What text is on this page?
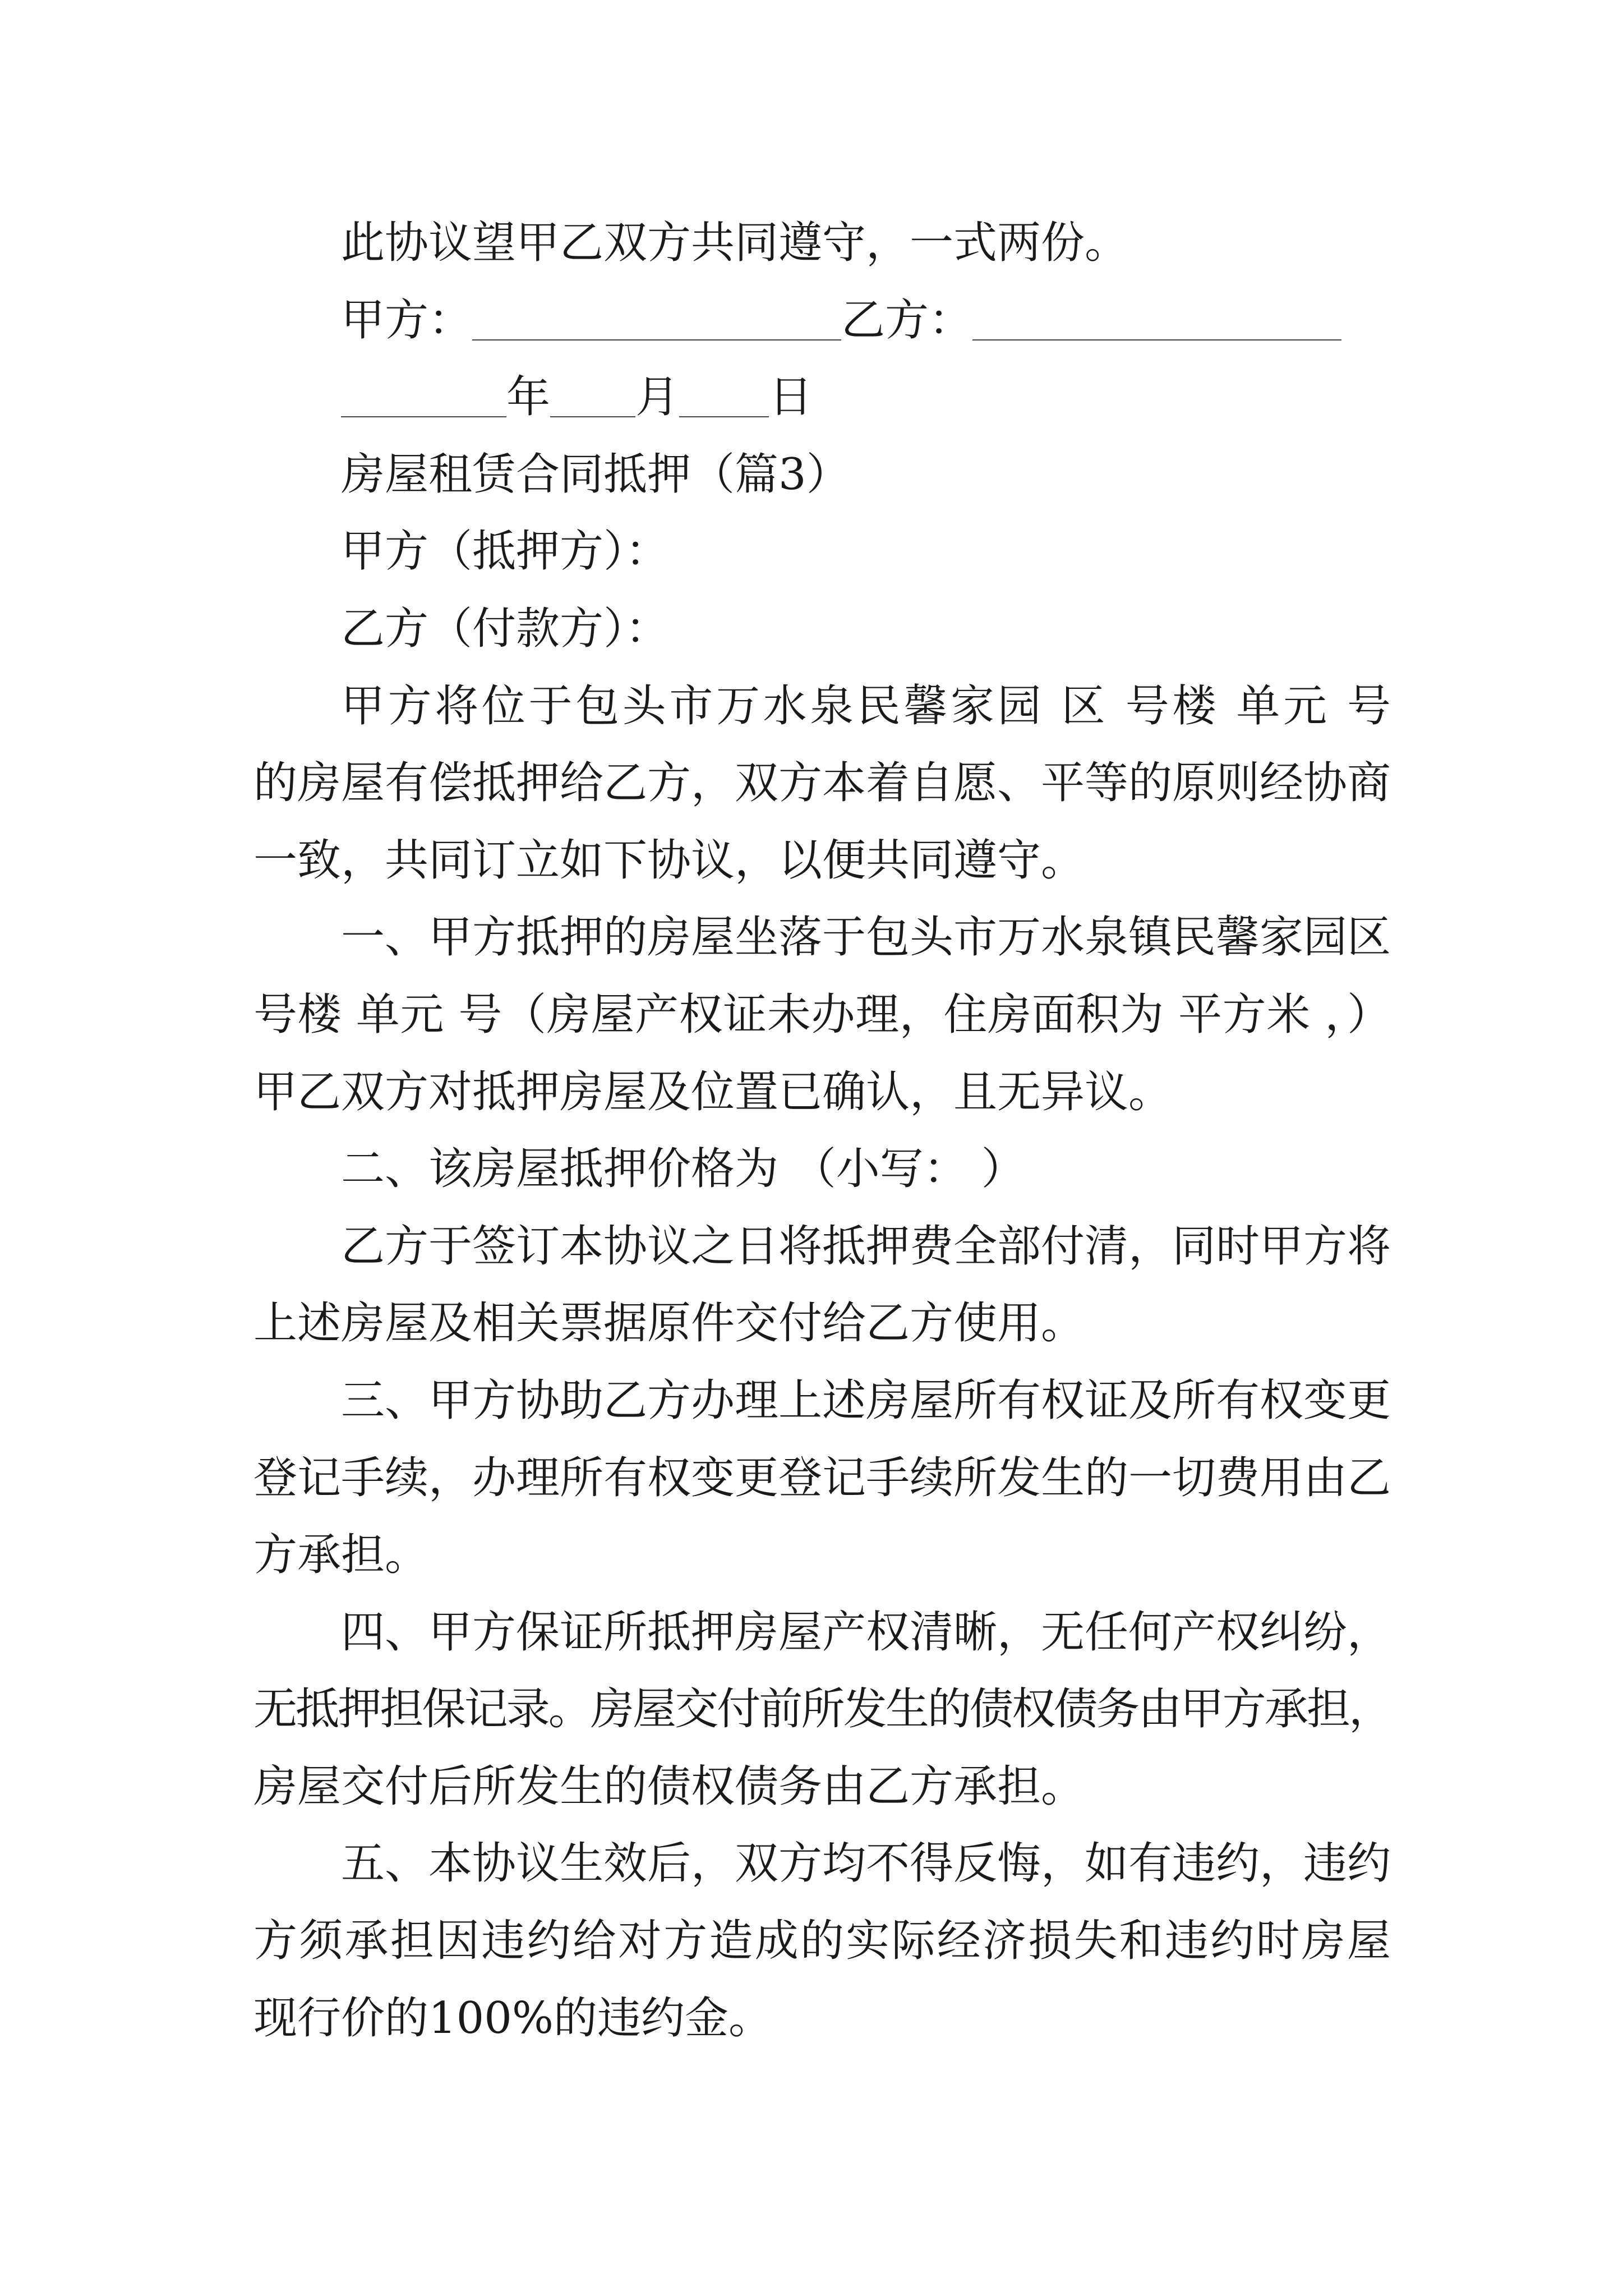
此协议望甲乙双方共同遵守，一式两份。
甲方：	乙方：
年 月 日
房屋租赁合同抵押（篇3）
甲方（抵押方）：
乙方（付款方）：
甲方将位于包头市万水泉民馨家园 区 号楼 单元 号
的房屋有偿抵押给乙方，双方本着自愿、平等的原则经协商
一致，共同订立如下协议，以便共同遵守。
一、甲方抵押的房屋坐落于包头市万水泉镇民馨家园区
号楼 单元 号（房屋产权证未办理，住房面积为 平方米 ，）
甲乙双方对抵押房屋及位置已确认，且无异议。
二、该房屋抵押价格为 （小写： ）
乙方于签订本协议之日将抵押费全部付清，同时甲方将
上述房屋及相关票据原件交付给乙方使用。
三、甲方协助乙方办理上述房屋所有权证及所有权变更
登记手续，办理所有权变更登记手续所发生的一切费用由乙
方承担。
四、甲方保证所抵押房屋产权清晰，无任何产权纠纷，
无抵押担保记录。房屋交付前所发生的债权债务由甲方承担，
房屋交付后所发生的债权债务由乙方承担。
五、本协议生效后，双方均不得反悔，如有违约，违约
方须承担因违约给对方造成的实际经济损失和违约时房屋
现行价的100%的违约金。
